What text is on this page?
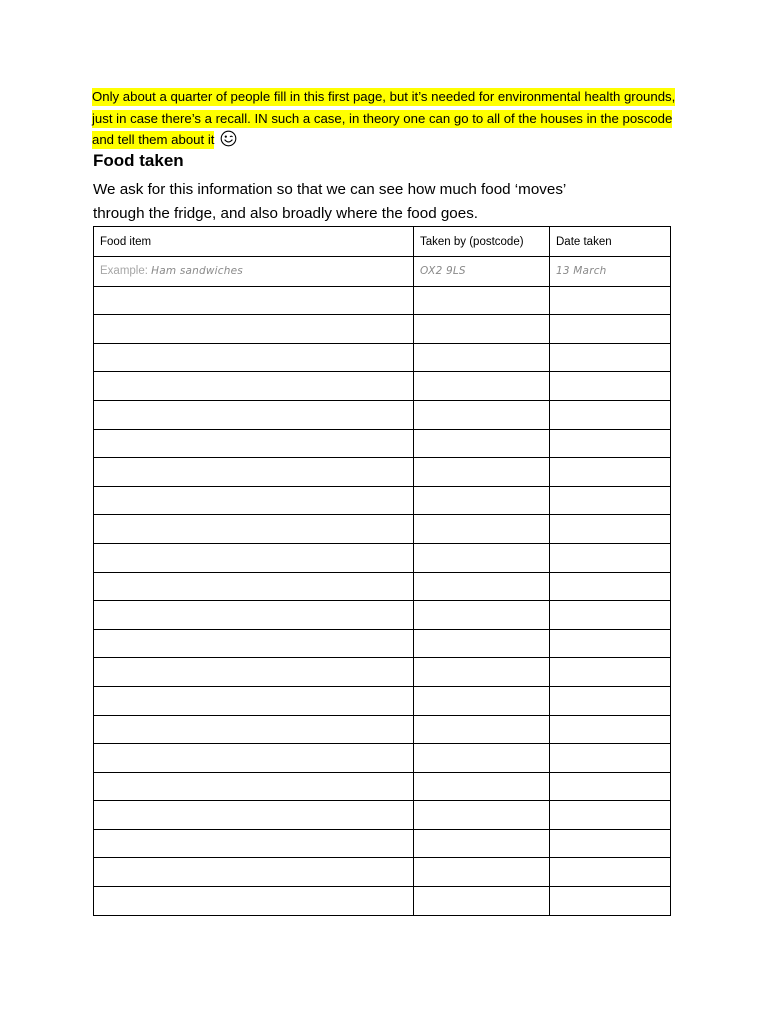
Only about a quarter of people fill in this first page, but it’s needed for environmental health grounds, just in case there’s a recall. IN such a case, in theory one can go to all of the houses in the poscode and tell them about it
Food taken

We ask for this information so that we can see how much food ‘moves’
through the fridge, and also broadly where the food goes.

Food item	Taken by (postcode)	Date taken
Example: Ham sandwiches	OX2 9LS	13 March
